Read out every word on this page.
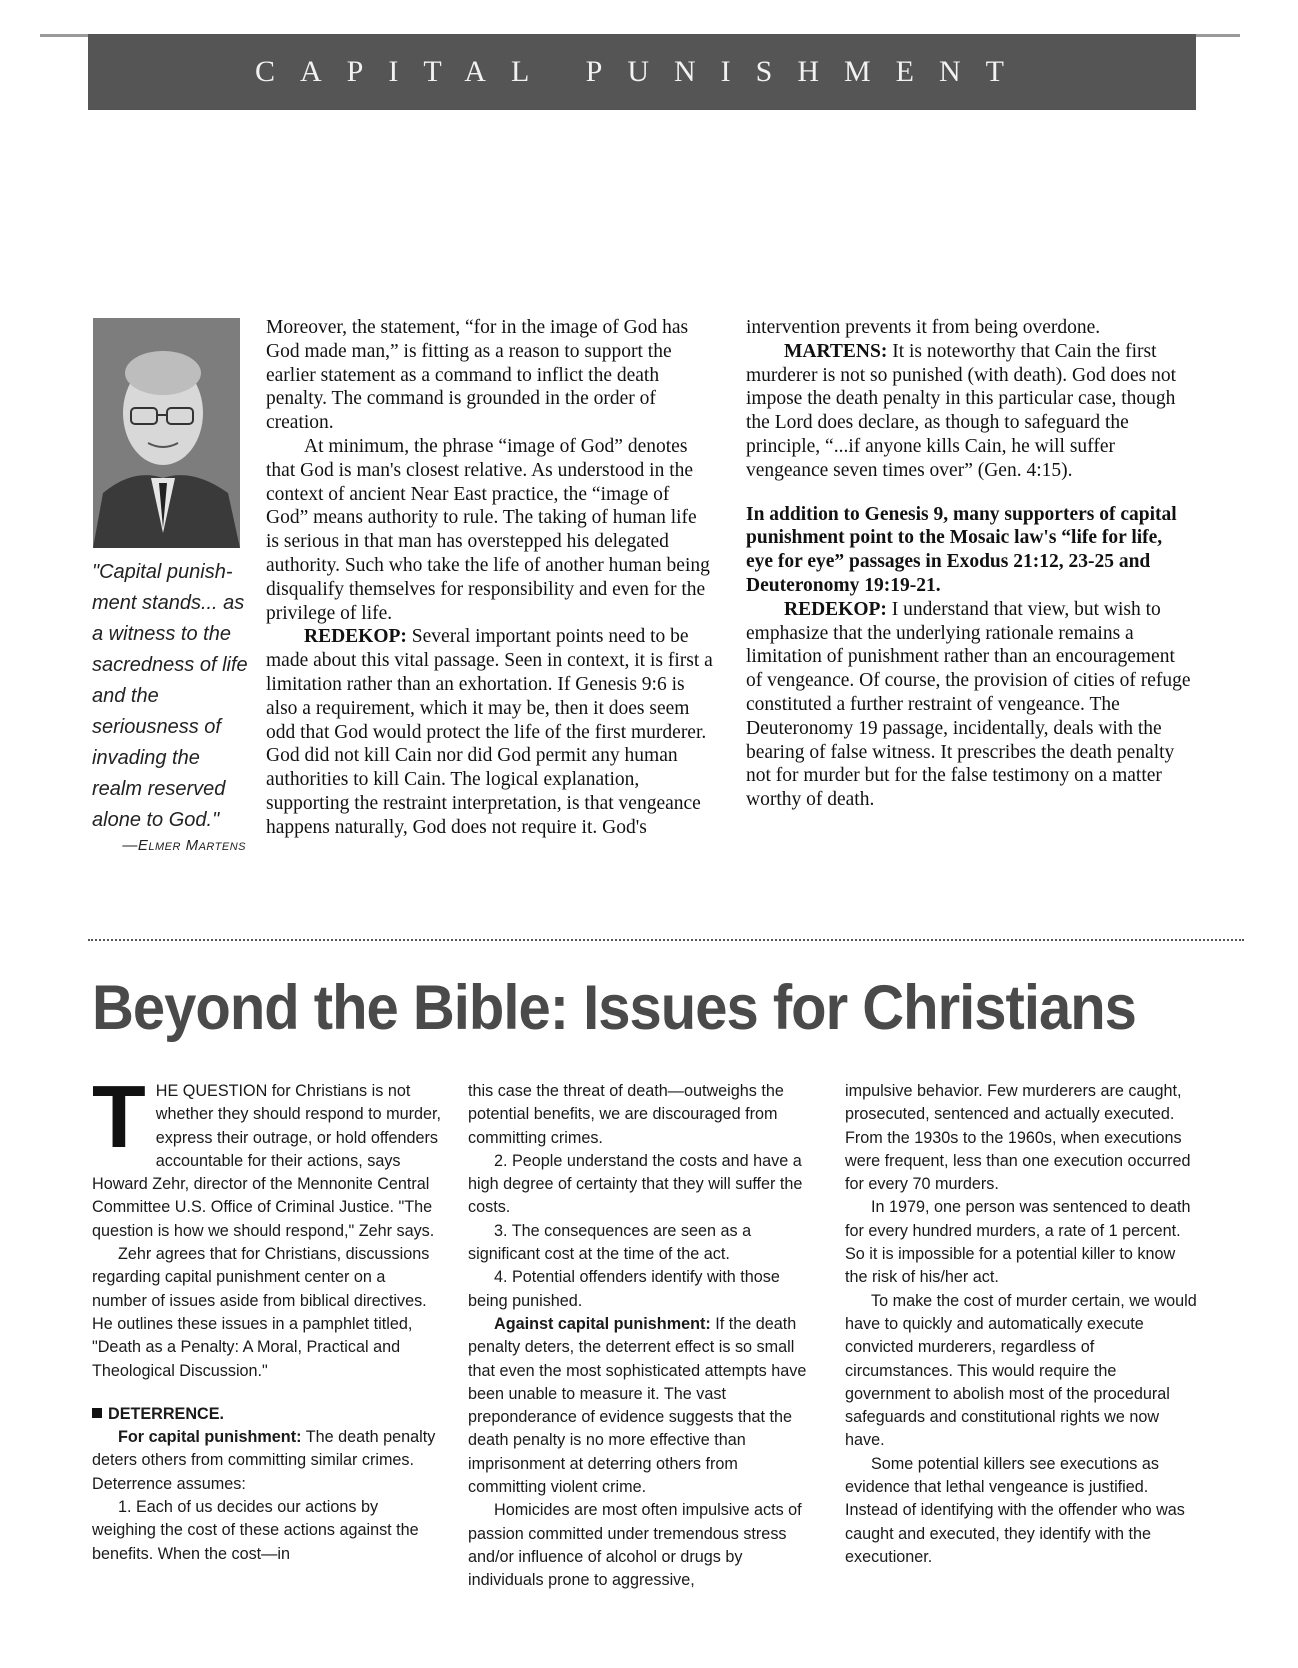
CAPITAL PUNISHMENT
"Capital punish- ment stands... as a witness to the sacredness of life and the seriousness of invading the realm reserved alone to God."
—Elmer Martens

Moreover, the statement, “for in the image of God has God made man,” is fitting as a reason to support the earlier statement as a command to inflict the death penalty. The command is grounded in the order of creation.

At minimum, the phrase “image of God” denotes that God is man's closest relative. As understood in the context of ancient Near East practice, the “image of God” means authority to rule. The taking of human life is serious in that man has overstepped his delegated authority. Such who take the life of another human being disqualify themselves for responsibility and even for the privilege of life.

REDEKOP: Several important points need to be made about this vital passage. Seen in context, it is first a limitation rather than an exhortation. If Genesis 9:6 is also a requirement, which it may be, then it does seem odd that God would protect the life of the first murderer. God did not kill Cain nor did God permit any human authorities to kill Cain. The logical explanation, supporting the restraint interpretation, is that vengeance happens naturally, God does not require it. God's

intervention prevents it from being overdone.

MARTENS: It is noteworthy that Cain the first murderer is not so punished (with death). God does not impose the death penalty in this particular case, though the Lord does declare, as though to safeguard the principle, “...if anyone kills Cain, he will suffer vengeance seven times over” (Gen. 4:15).

In addition to Genesis 9, many supporters of capital punishment point to the Mosaic law's “life for life, eye for eye” passages in Exodus 21:12, 23-25 and Deuteronomy 19:19-21.

REDEKOP: I understand that view, but wish to emphasize that the underlying rationale remains a limitation of punishment rather than an encouragement of vengeance. Of course, the provision of cities of refuge constituted a further restraint of vengeance. The Deuteronomy 19 passage, incidentally, deals with the bearing of false witness. It prescribes the death penalty not for murder but for the false testimony on a matter worthy of death.

Beyond the Bible: Issues for Christians

THE QUESTION for Christians is not whether they should respond to murder, express their outrage, or hold offenders accountable for their actions, says Howard Zehr, director of the Mennonite Central Committee U.S. Office of Criminal Justice. "The question is how we should respond," Zehr says.

Zehr agrees that for Christians, discussions regarding capital punishment center on a number of issues aside from biblical directives. He outlines these issues in a pamphlet titled, "Death as a Penalty: A Moral, Practical and Theological Discussion."

DETERRENCE.

For capital punishment: The death penalty deters others from committing similar crimes. Deterrence assumes:

1. Each of us decides our actions by weighing the cost of these actions against the benefits. When the cost—in

this case the threat of death—outweighs the potential benefits, we are discouraged from committing crimes.

2. People understand the costs and have a high degree of certainty that they will suffer the costs.

3. The consequences are seen as a significant cost at the time of the act.

4. Potential offenders identify with those being punished.

Against capital punishment: If the death penalty deters, the deterrent effect is so small that even the most sophisticated attempts have been unable to measure it. The vast preponderance of evidence suggests that the death penalty is no more effective than imprisonment at deterring others from committing violent crime.

Homicides are most often impulsive acts of passion committed under tremendous stress and/or influence of alcohol or drugs by individuals prone to aggressive,

impulsive behavior. Few murderers are caught, prosecuted, sentenced and actually executed. From the 1930s to the 1960s, when executions were frequent, less than one execution occurred for every 70 murders.

In 1979, one person was sentenced to death for every hundred murders, a rate of 1 percent. So it is impossible for a potential killer to know the risk of his/her act.

To make the cost of murder certain, we would have to quickly and automatically execute convicted murderers, regardless of circumstances. This would require the government to abolish most of the procedural safeguards and constitutional rights we now have.

Some potential killers see executions as evidence that lethal vengeance is justified. Instead of identifying with the offender who was caught and executed, they identify with the executioner.
